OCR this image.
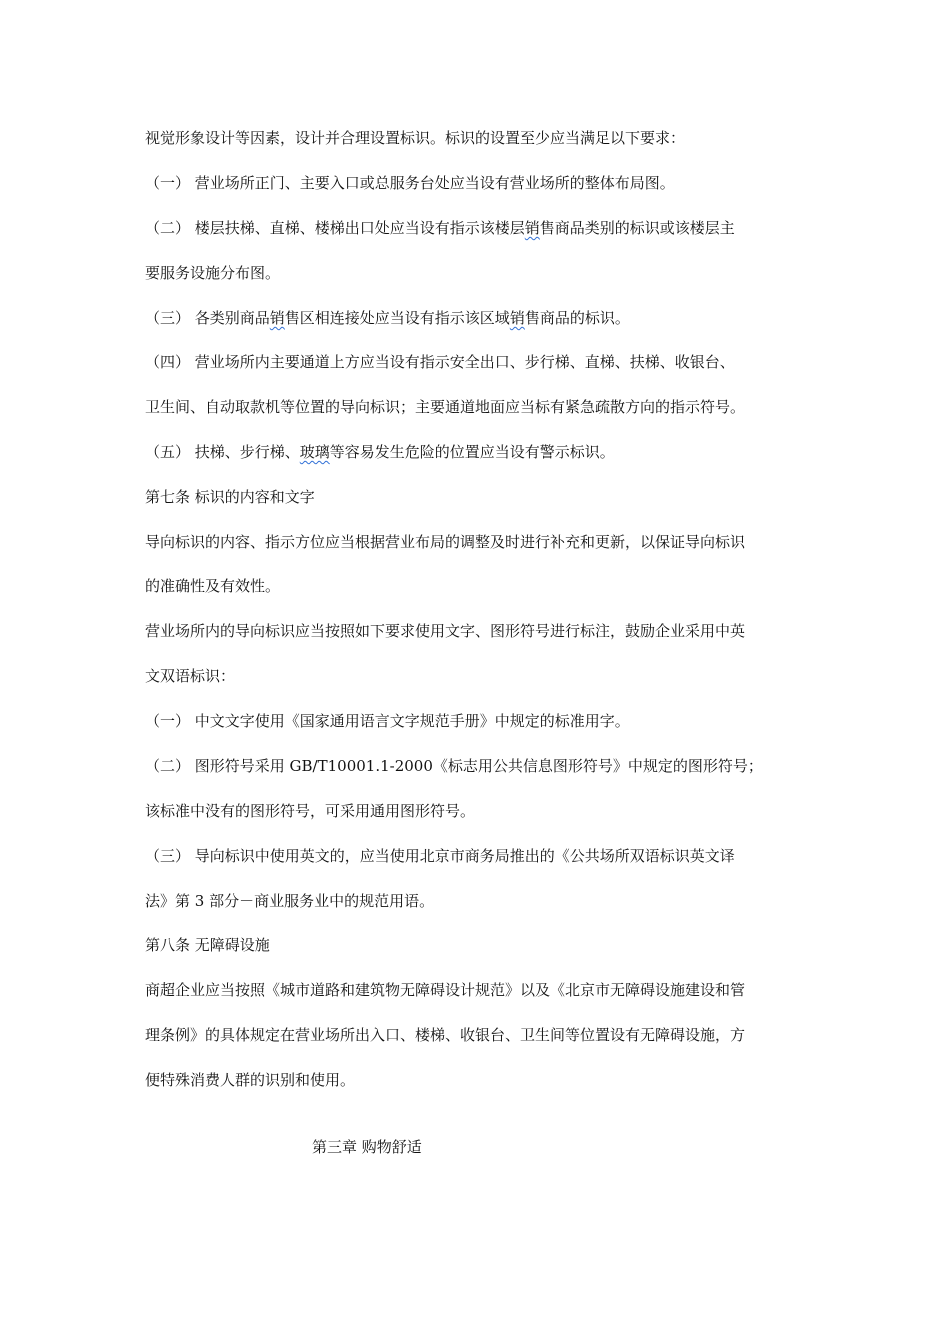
视觉形象设计等因素，设计并合理设置标识。标识的设置至少应当满足以下要求：
（一） 营业场所正门、主要入口或总服务台处应当设有营业场所的整体布局图。
（二） 楼层扶梯、直梯、楼梯出口处应当设有指示该楼层销售商品类别的标识或该楼层主
要服务设施分布图。
（三） 各类别商品销售区相连接处应当设有指示该区域销售商品的标识。
（四） 营业场所内主要通道上方应当设有指示安全出口、步行梯、直梯、扶梯、收银台、
卫生间、自动取款机等位置的导向标识；主要通道地面应当标有紧急疏散方向的指示符号。
（五） 扶梯、步行梯、玻璃等容易发生危险的位置应当设有警示标识。
第七条 标识的内容和文字
导向标识的内容、指示方位应当根据营业布局的调整及时进行补充和更新，以保证导向标识
的准确性及有效性。
营业场所内的导向标识应当按照如下要求使用文字、图形符号进行标注，鼓励企业采用中英
文双语标识：
（一） 中文文字使用《国家通用语言文字规范手册》中规定的标准用字。
（二） 图形符号采用 GB/T10001.1-2000《标志用公共信息图形符号》中规定的图形符号；
该标准中没有的图形符号，可采用通用图形符号。
（三） 导向标识中使用英文的，应当使用北京市商务局推出的《公共场所双语标识英文译
法》第 3 部分－商业服务业中的规范用语。
第八条 无障碍设施
商超企业应当按照《城市道路和建筑物无障碍设计规范》以及《北京市无障碍设施建设和管
理条例》的具体规定在营业场所出入口、楼梯、收银台、卫生间等位置设有无障碍设施，方
便特殊消费人群的识别和使用。
第三章 购物舒适
